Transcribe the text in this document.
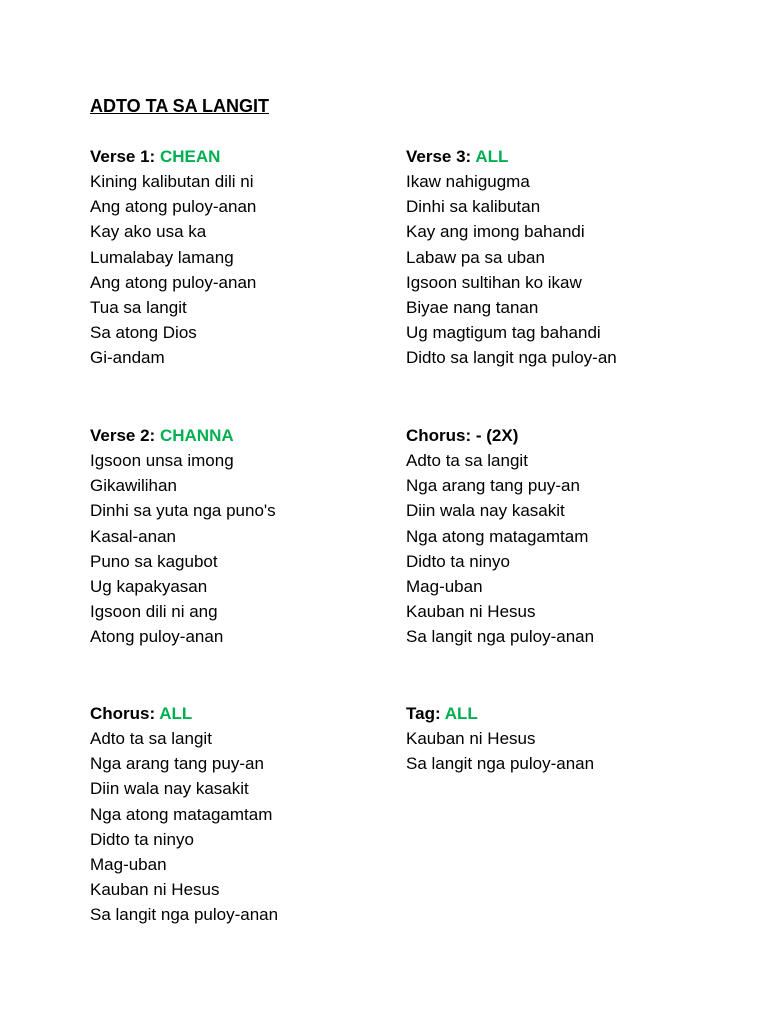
ADTO TA SA LANGIT
Verse 1: CHEAN
Kining kalibutan dili ni
Ang atong puloy-anan
Kay ako usa ka
Lumalabay lamang
Ang atong puloy-anan
Tua sa langit
Sa atong Dios
Gi-andam
Verse 3: ALL
Ikaw nahigugma
Dinhi sa kalibutan
Kay ang imong bahandi
Labaw pa sa uban
Igsoon sultihan ko ikaw
Biyae nang tanan
Ug magtigum tag bahandi
Didto sa langit nga puloy-an
Verse 2: CHANNA
Igsoon unsa imong
Gikawilihan
Dinhi sa yuta nga puno's
Kasal-anan
Puno sa kagubot
Ug kapakyasan
Igsoon dili ni ang
Atong puloy-anan
Chorus: - (2X)
Adto ta sa langit
Nga arang tang puy-an
Diin wala nay kasakit
Nga atong matagamtam
Didto ta ninyo
Mag-uban
Kauban ni Hesus
Sa langit nga puloy-anan
Chorus: ALL
Adto ta sa langit
Nga arang tang puy-an
Diin wala nay kasakit
Nga atong matagamtam
Didto ta ninyo
Mag-uban
Kauban ni Hesus
Sa langit nga puloy-anan
Tag: ALL
Kauban ni Hesus
Sa langit nga puloy-anan
